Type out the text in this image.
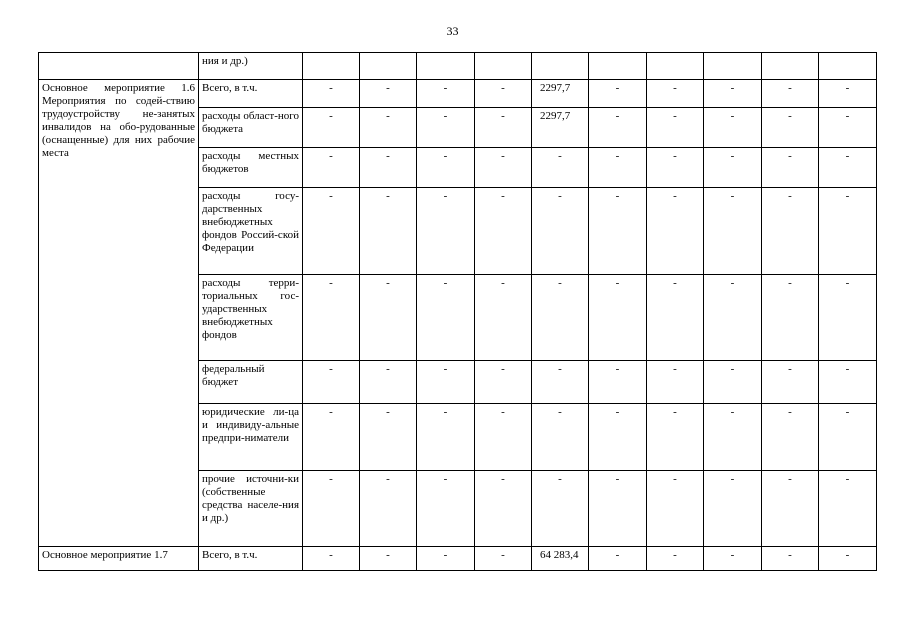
33
	ния и др.)										
Основное мероприятие 1.6 Мероприятия по содей-ствию трудоустройству не-занятых инвалидов на обо-рудованные (оснащенные) для них рабочие места	Всего, в т.ч.	-	-	-	-	2297,7	-	-	-	-	-
	расходы област-ного бюджета	-	-	-	-	2297,7	-	-	-	-	-
	расходы местных бюджетов	-	-	-	-	-	-	-	-	-	-
	расходы госу-дарственных внебюджетных фондов Россий-ской Федерации	-	-	-	-	-	-	-	-	-	-
	расходы терри-ториальных гос-ударственных внебюджетных фондов	-	-	-	-	-	-	-	-	-	-
	федеральный бюджет	-	-	-	-	-	-	-	-	-	-
	юридические ли-ца и индивиду-альные предпри-ниматели	-	-	-	-	-	-	-	-	-	-
	прочие источни-ки (собственные средства населе-ния и др.)	-	-	-	-	-	-	-	-	-	-
Основное мероприятие 1.7	Всего, в т.ч.	-	-	-	-	64 283,4	-	-	-	-	-
